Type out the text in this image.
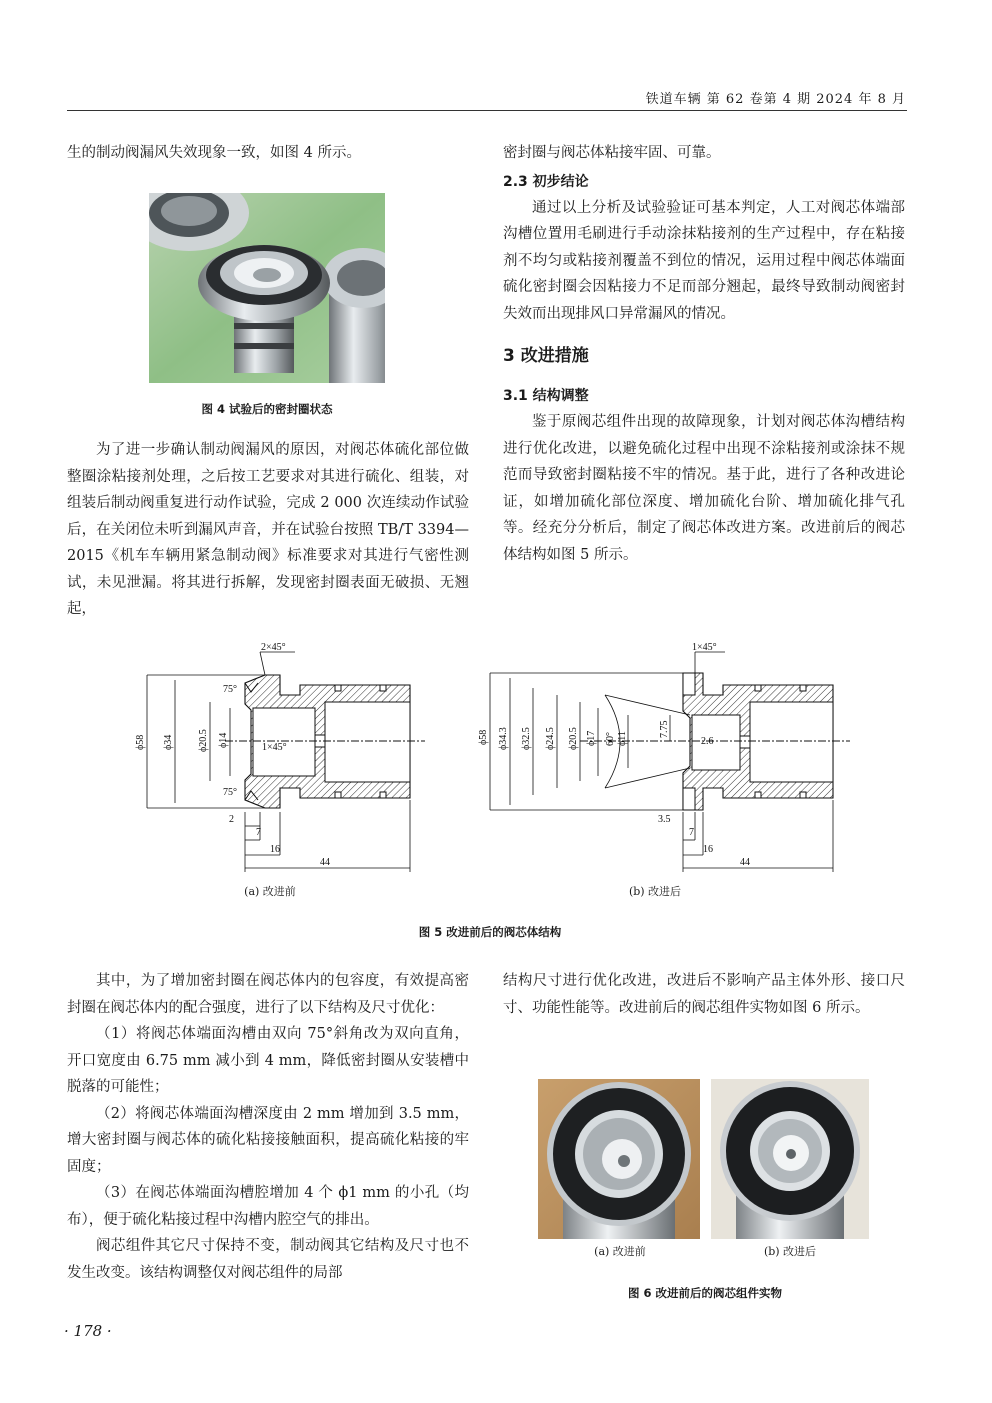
铁道车辆 第 62 卷第 4 期 2024 年 8 月

生的制动阀漏风失效现象一致，如图 4 所示。

图 4 试验后的密封圈状态

为了进一步确认制动阀漏风的原因，对阀芯体硫化部位做整圈涂粘接剂处理，之后按工艺要求对其进行硫化、组装，对组装后制动阀重复进行动作试验，完成 2 000 次连续动作试验后，在关闭位未听到漏风声音，并在试验台按照 TB/T 3394—2015《机车车辆用紧急制动阀》标准要求对其进行气密性测试，未见泄漏。将其进行拆解，发现密封圈表面无破损、无翘起，

密封圈与阀芯体粘接牢固、可靠。

2.3 初步结论

通过以上分析及试验验证可基本判定，人工对阀芯体端部沟槽位置用毛刷进行手动涂抹粘接剂的生产过程中，存在粘接剂不均匀或粘接剂覆盖不到位的情况，运用过程中阀芯体端面硫化密封圈会因粘接力不足而部分翘起，最终导致制动阀密封失效而出现排风口异常漏风的情况。

3 改进措施
3.1 结构调整

鉴于原阀芯组件出现的故障现象，计划对阀芯体沟槽结构进行优化改进，以避免硫化过程中出现不涂粘接剂或涂抹不规范而导致密封圈粘接不牢的情况。基于此，进行了各种改进论证，如增加硫化部位深度、增加硫化台阶、增加硫化排气孔等。经充分分析后，制定了阀芯体改进方案。改进前后的阀芯体结构如图 5 所示。

2×45°
75°
75°
ϕ58 ϕ34 ϕ20.5 ϕ14	1×45°
2
7
16
44
1×45°
ϕ58 ϕ34.3 ϕ32.5 ϕ24.5 ϕ20.5 ϕ17 60° ϕ11
7.75
2.6
3.5
7
16
44
(a) 改进前	(b) 改进后
图 5 改进前后的阀芯体结构

其中，为了增加密封圈在阀芯体内的包容度，有效提高密封圈在阀芯体内的配合强度，进行了以下结构及尺寸优化：

（1）将阀芯体端面沟槽由双向 75°斜角改为双向直角，开口宽度由 6.75 mm 减小到 4 mm，降低密封圈从安装槽中脱落的可能性；

（2）将阀芯体端面沟槽深度由 2 mm 增加到 3.5 mm，增大密封圈与阀芯体的硫化粘接接触面积，提高硫化粘接的牢固度；

（3）在阀芯体端面沟槽腔增加 4 个 ϕ1 mm 的小孔（均布），便于硫化粘接过程中沟槽内腔空气的排出。

阀芯组件其它尺寸保持不变，制动阀其它结构及尺寸也不发生改变。该结构调整仅对阀芯组件的局部

结构尺寸进行优化改进，改进后不影响产品主体外形、接口尺寸、功能性能等。改进前后的阀芯组件实物如图 6 所示。

(a) 改进前	(b) 改进后
图 6 改进前后的阀芯组件实物
· 178 ·
